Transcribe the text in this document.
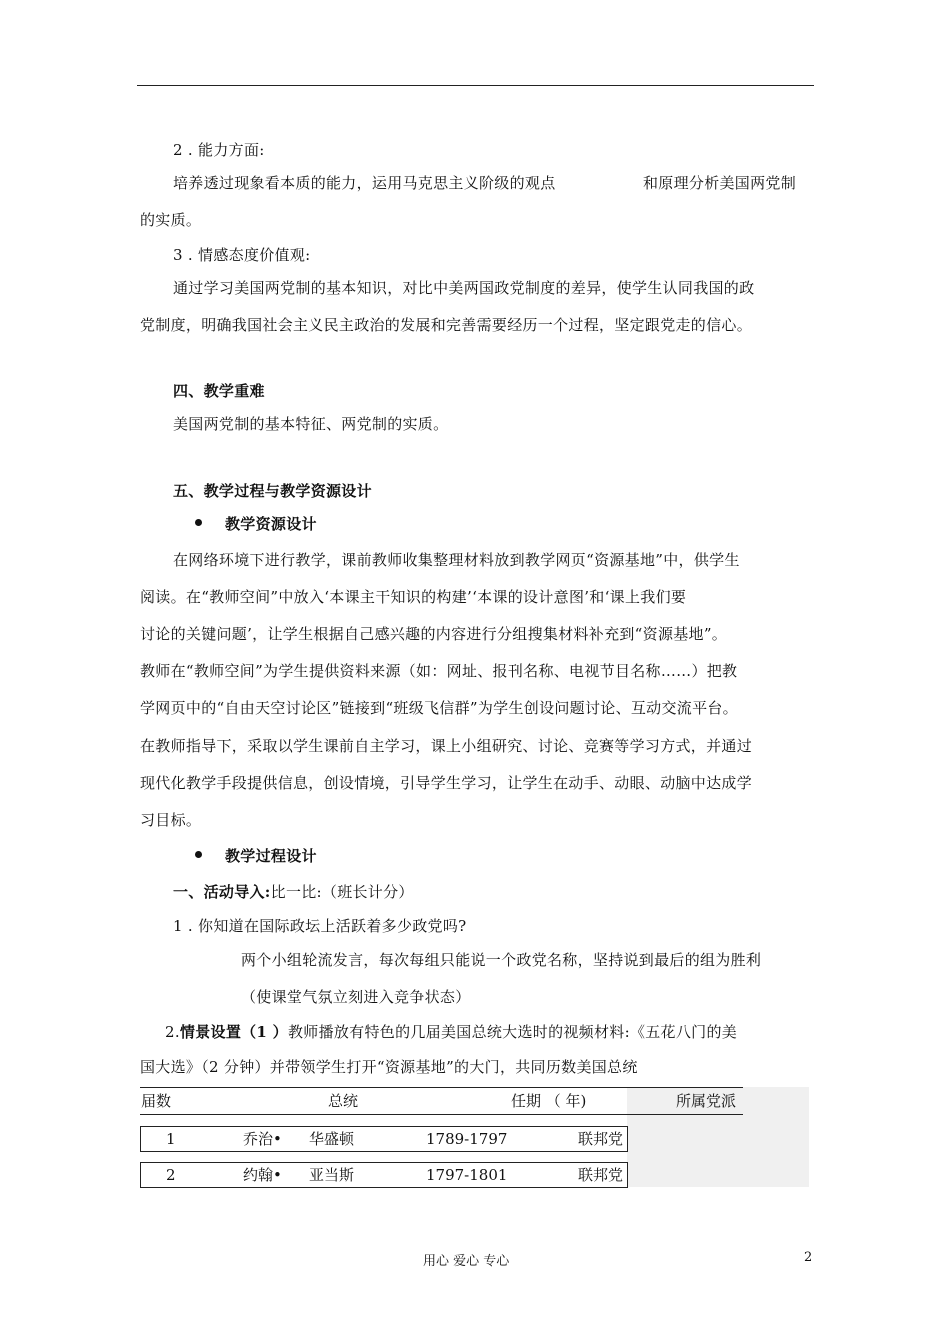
2 . 能力方面:
培养透过现象看本质的能力，运用马克思主义阶级的观点	和原理分析美国两党制
的实质。
3 . 情感态度价值观:
通过学习美国两党制的基本知识，对比中美两国政党制度的差异，使学生认同我国的政
党制度，明确我国社会主义民主政治的发展和完善需要经历一个过程，坚定跟党走的信心。
四、教学重难
美国两党制的基本特征、两党制的实质。
五、教学过程与教学资源设计
教学资源设计
在网络环境下进行教学，课前教师收集整理材料放到教学网页“资源基地”中，供学生
阅读。在“教师空间”中放入‘本课主干知识的构建’‘本课的设计意图’和‘课上我们要
讨论的关键问题’，让学生根据自己感兴趣的内容进行分组搜集材料补充到“资源基地”。
教师在“教师空间”为学生提供资料来源（如：网址、报刊名称、电视节目名称……）把教
学网页中的“自由天空讨论区”链接到“班级飞信群”为学生创设问题讨论、互动交流平台。
在教师指导下，采取以学生课前自主学习，课上小组研究、讨论、竞赛等学习方式，并通过
现代化教学手段提供信息，创设情境，引导学生学习，让学生在动手、动眼、动脑中达成学
习目标。
教学过程设计
一、活动导入:比一比:（班长计分）
1 . 你知道在国际政坛上活跃着多少政党吗?
两个小组轮流发言，每次每组只能说一个政党名称，坚持说到最后的组为胜利
（使课堂气氛立刻进入竞争状态）
2.情景设置（1 ）教师播放有特色的几届美国总统大选时的视频材料:《五花八门的美
国大选》（2 分钟）并带领学生打开“资源基地”的大门，共同历数美国总统
届数	总统	任期 （ 年)	所属党派
1	乔治• 华盛顿	1789-1797	联邦党
2	约翰• 亚当斯	1797-1801	联邦党
用心 爱心 专心	2
